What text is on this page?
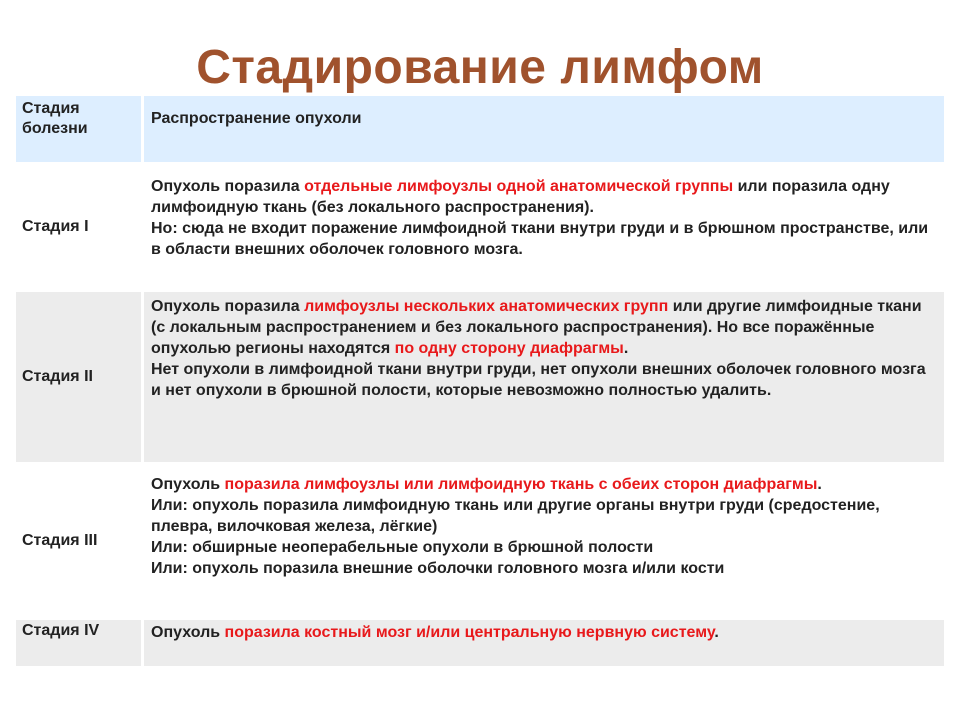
Стадирование лимфом
Стадия болезни
Распространение опухоли
Стадия I
Опухоль поразила отдельные лимфоузлы одной анатомической группы или поразила одну лимфоидную ткань (без локального распространения).
Но: сюда не входит поражение лимфоидной ткани внутри груди и в брюшном пространстве, или в области внешних оболочек головного мозга.
Стадия II
Опухоль поразила лимфоузлы нескольких анатомических групп или другие лимфоидные ткани (с локальным распространением и без локального распространения). Но все поражённые опухолью регионы находятся по одну сторону диафрагмы.
Нет опухоли в лимфоидной ткани внутри груди, нет опухоли внешних оболочек головного мозга и нет опухоли в брюшной полости, которые невозможно полностью удалить.
Стадия III
Опухоль поразила лимфоузлы или лимфоидную ткань с обеих сторон диафрагмы.
Или: опухоль поразила лимфоидную ткань или другие органы внутри груди (средостение, плевра, вилочковая железа, лёгкие)
Или: обширные неоперабельные опухоли в брюшной полости
Или: опухоль поразила внешние оболочки головного мозга и/или кости
Стадия IV	Опухоль поразила костный мозг и/или центральную нервную систему.
